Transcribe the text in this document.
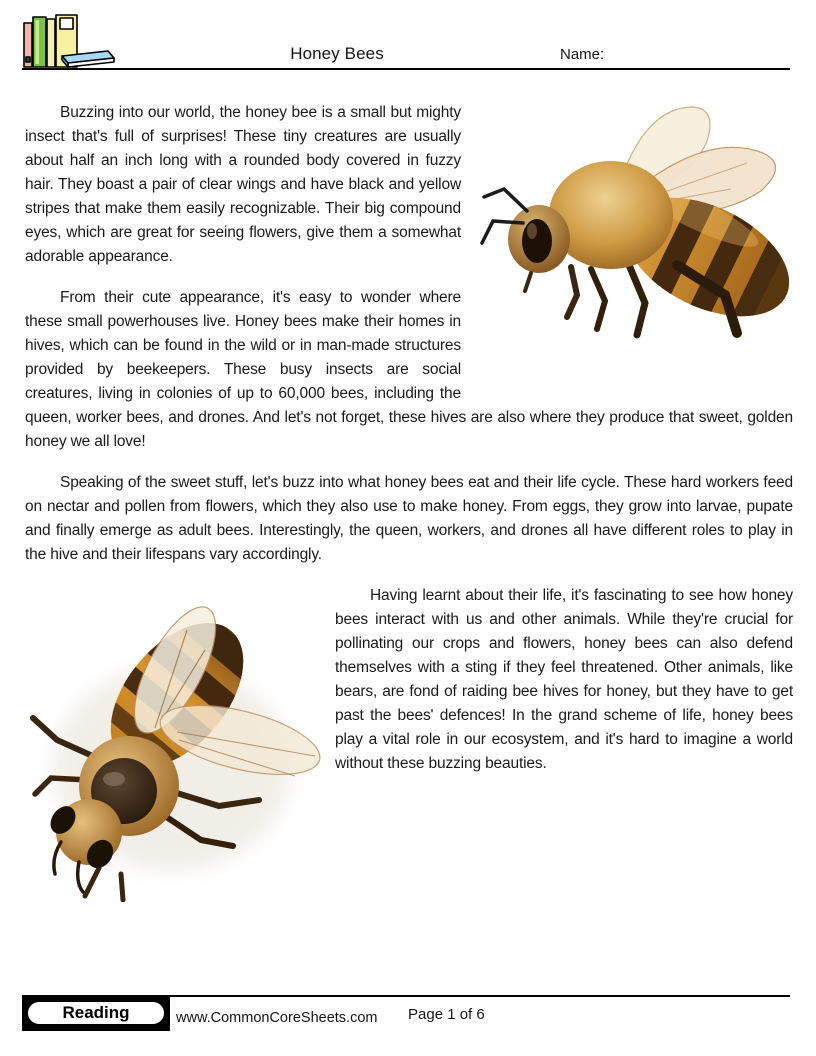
Honey Bees	Name:

Buzzing into our world, the honey bee is a small but mighty insect that's full of surprises! These tiny creatures are usually about half an inch long with a rounded body covered in fuzzy hair. They boast a pair of clear wings and have black and yellow stripes that make them easily recognizable. Their big compound eyes, which are great for seeing flowers, give them a somewhat adorable appearance.

From their cute appearance, it's easy to wonder where these small powerhouses live. Honey bees make their homes in hives, which can be found in the wild or in man-made structures provided by beekeepers. These busy insects are social creatures, living in colonies of up to 60,000 bees, including the queen, worker bees, and drones. And let's not forget, these hives are also where they produce that sweet, golden honey we all love!

Speaking of the sweet stuff, let's buzz into what honey bees eat and their life cycle. These hard workers feed on nectar and pollen from flowers, which they also use to make honey. From eggs, they grow into larvae, pupate and finally emerge as adult bees. Interestingly, the queen, workers, and drones all have different roles to play in the hive and their lifespans vary accordingly.

Having learnt about their life, it's fascinating to see how honey bees interact with us and other animals. While they're crucial for pollinating our crops and flowers, honey bees can also defend themselves with a sting if they feel threatened. Other animals, like bears, are fond of raiding bee hives for honey, but they have to get past the bees' defences! In the grand scheme of life, honey bees play a vital role in our ecosystem, and it's hard to imagine a world without these buzzing beauties.

Reading	www.CommonCoreSheets.com Page 1 of 6
